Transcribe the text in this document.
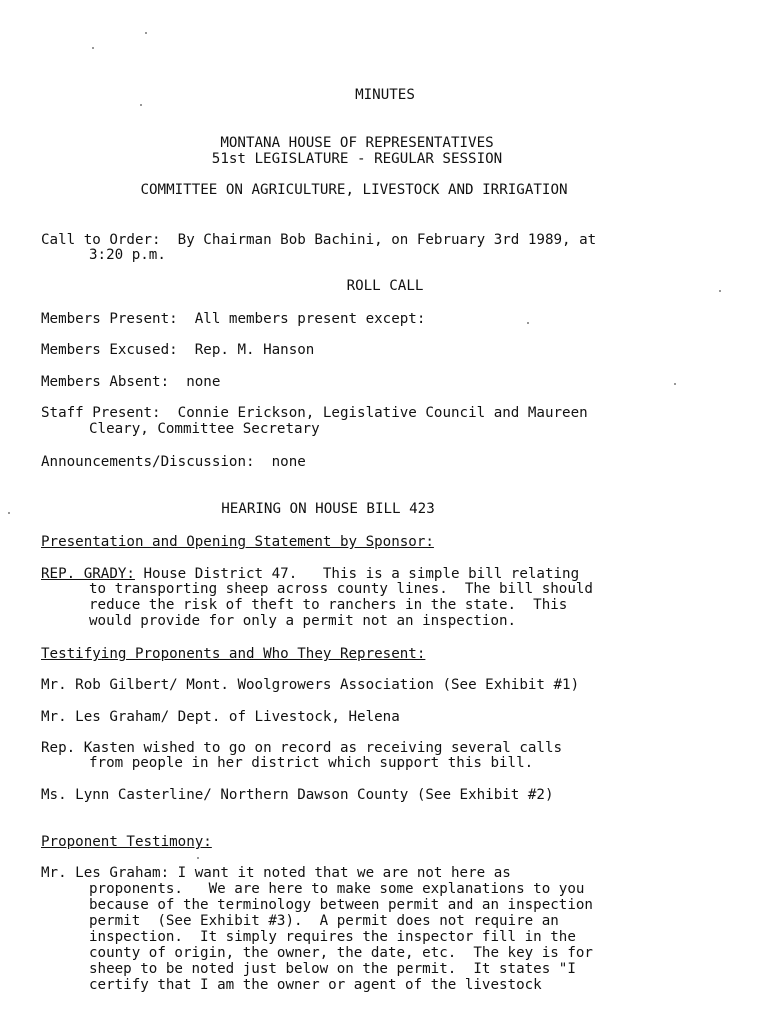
MINUTES
MONTANA HOUSE OF REPRESENTATIVES
51st LEGISLATURE - REGULAR SESSION
COMMITTEE ON AGRICULTURE, LIVESTOCK AND IRRIGATION
Call to Order:  By Chairman Bob Bachini, on February 3rd 1989, at
3:20 p.m.
ROLL CALL
Members Present:  All members present except:
Members Excused:  Rep. M. Hanson
Members Absent:  none
Staff Present:  Connie Erickson, Legislative Council and Maureen
Cleary, Committee Secretary
Announcements/Discussion:  none
HEARING ON HOUSE BILL 423
Presentation and Opening Statement by Sponsor:
REP. GRADY: House District 47.   This is a simple bill relating
to transporting sheep across county lines.  The bill should
reduce the risk of theft to ranchers in the state.  This
would provide for only a permit not an inspection.
Testifying Proponents and Who They Represent:
Mr. Rob Gilbert/ Mont. Woolgrowers Association (See Exhibit #1)
Mr. Les Graham/ Dept. of Livestock, Helena
Rep. Kasten wished to go on record as receiving several calls
from people in her district which support this bill.
Ms. Lynn Casterline/ Northern Dawson County (See Exhibit #2)
Proponent Testimony:
Mr. Les Graham: I want it noted that we are not here as
proponents.   We are here to make some explanations to you
because of the terminology between permit and an inspection
permit  (See Exhibit #3).  A permit does not require an
inspection.  It simply requires the inspector fill in the
county of origin, the owner, the date, etc.  The key is for
sheep to be noted just below on the permit.  It states "I
certify that I am the owner or agent of the livestock
